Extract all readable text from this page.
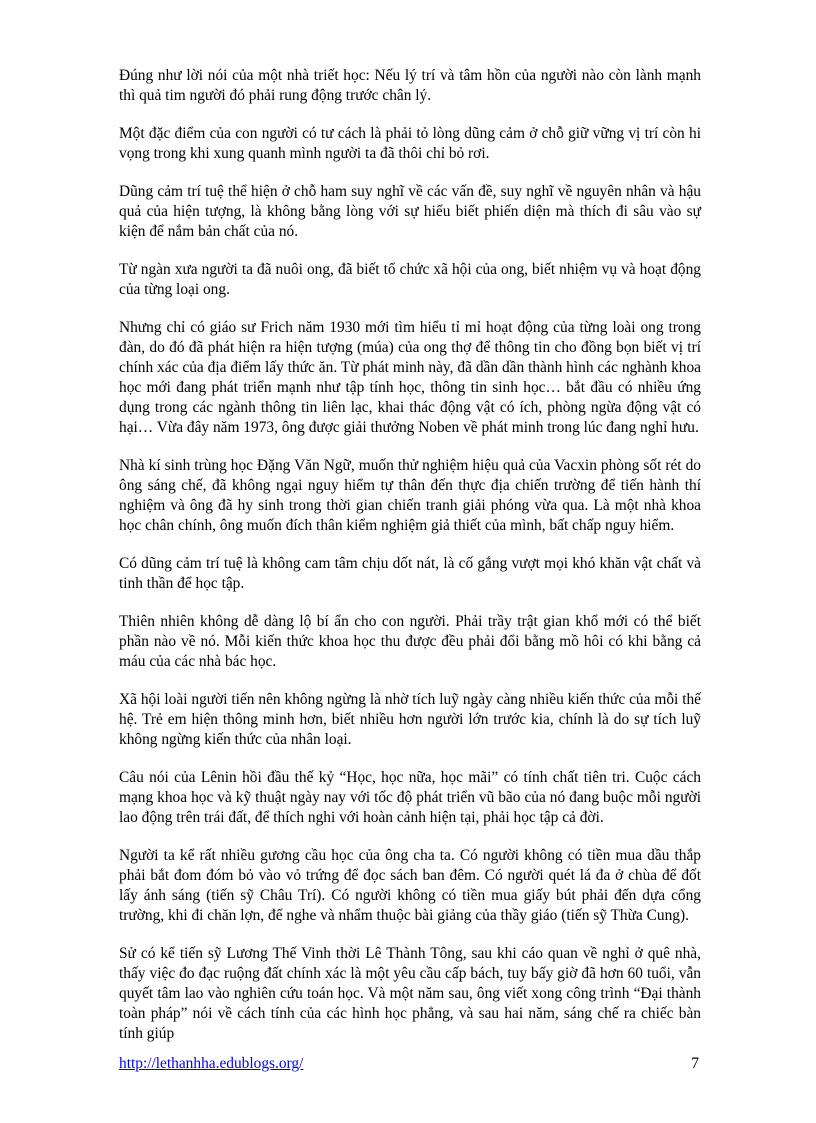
Đúng như lời nói của một nhà triết học: Nếu lý trí và tâm hồn của người nào còn lành mạnh thì quả tim người đó phải rung động trước chân lý.

Một đặc điểm của con người có tư cách là phải tỏ lòng dũng cảm ở chỗ giữ vững vị trí còn hi vọng trong khi xung quanh mình người ta đã thôi chỉ bỏ rơi.

Dũng cảm trí tuệ thể hiện ở chỗ ham suy nghĩ về các vấn đề, suy nghĩ về nguyên nhân và hậu quả của hiện tượng, là không bằng lòng với sự hiểu biết phiến diện mà thích đi sâu vào sự kiện để nắm bản chất của nó.

Từ ngàn xưa người ta đã nuôi ong, đã biết tổ chức xã hội của ong, biết nhiệm vụ và hoạt động của từng loại ong.

Nhưng chỉ có giáo sư Frich năm 1930 mới tìm hiểu tỉ mỉ hoạt động của từng loài ong trong đàn, do đó đã phát hiện ra hiện tượng (múa) của ong thợ để thông tin cho đồng bọn biết vị trí chính xác của địa điểm lấy thức ăn. Từ phát minh này, đã dần dần thành hình các nghành khoa học mới đang phát triển mạnh như tập tính học, thông tin sinh học… bắt đầu có nhiều ứng dụng trong các ngành thông tin liên lạc, khai thác động vật có ích, phòng ngừa động vật có hại… Vừa đây năm 1973, ông được giải thưởng Noben về phát minh trong lúc đang nghỉ hưu.

Nhà kí sinh trùng học Đặng Văn Ngữ, muốn thử nghiệm hiệu quả của Vacxin phòng sốt rét do ông sáng chế, đã không ngại nguy hiểm tự thân đến thực địa chiến trường để tiến hành thí nghiệm và ông đã hy sinh trong thời gian chiến tranh giải phóng vừa qua. Là một nhà khoa học chân chính, ông muốn đích thân kiểm nghiệm giả thiết của mình, bất chấp nguy hiểm.

Có dũng cảm trí tuệ là không cam tâm chịu dốt nát, là cố gắng vượt mọi khó khăn vật chất và tinh thần để học tập.

Thiên nhiên không dễ dàng lộ bí ẩn cho con người. Phải trầy trật gian khổ mới có thể biết phần nào về nó. Mỗi kiến thức khoa học thu được đều phải đổi bằng mồ hôi có khi bằng cả máu của các nhà bác học.

Xã hội loài người tiến nên không ngừng là nhờ tích luỹ ngày càng nhiều kiến thức của mỗi thế hệ. Trẻ em hiện thông minh hơn, biết nhiều hơn người lớn trước kia, chính là do sự tích luỹ không ngừng kiến thức của nhân loại.

Câu nói của Lênin hồi đầu thế kỷ “Học, học nữa, học mãi” có tính chất tiên tri. Cuộc cách mạng khoa học và kỹ thuật ngày nay với tốc độ phát triển vũ bão của nó đang buộc mỗi người lao động trên trái đất, để thích nghi với hoàn cảnh hiện tại, phải học tập cả đời.

Người ta kể rất nhiều gương cầu học của ông cha ta. Có người không có tiền mua dầu thắp phải bắt đom đóm bỏ vào vỏ trứng để đọc sách ban đêm. Có người quét lá đa ở chùa để đốt lấy ánh sáng (tiến sỹ Châu Trí). Có người không có tiền mua giấy bút phải đến dựa cổng trường, khi đi chăn lợn, để nghe và nhẩm thuộc bài giảng của thầy giáo (tiến sỹ Thừa Cung).

Sử có kể tiến sỹ Lương Thế Vinh thời Lê Thành Tông, sau khi cáo quan về nghỉ ở quê nhà, thấy việc đo đạc ruộng đất chính xác là một yêu cầu cấp bách, tuy bấy giờ đã hơn 60 tuổi, vẫn quyết tâm lao vào nghiên cứu toán học. Và một năm sau, ông viết xong công trình “Đại thành toàn pháp” nói về cách tính của các hình học phẳng, và sau hai năm, sáng chế ra chiếc bàn tính giúp

http://lethanhha.edublogs.org/	7
